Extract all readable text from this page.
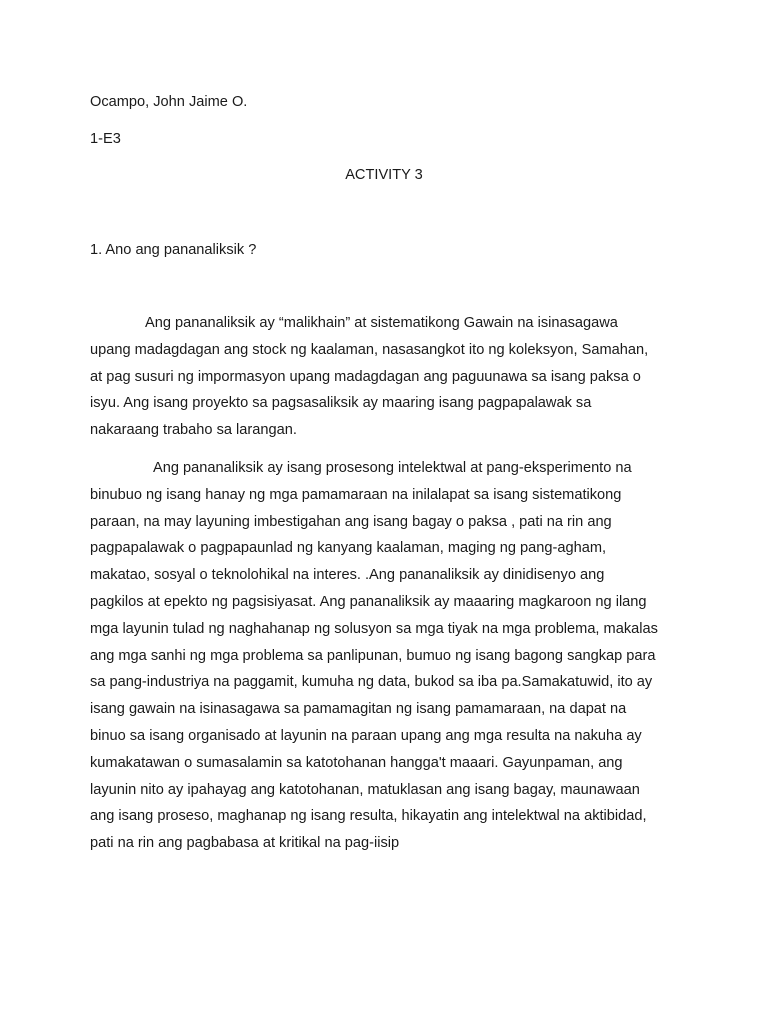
Ocampo, John Jaime O.
1-E3
ACTIVITY 3
1. Ano ang pananaliksik ?
Ang pananaliksik ay “malikhain” at sistematikong Gawain na isinasagawa
upang madagdagan ang stock ng kaalaman, nasasangkot ito ng koleksyon, Samahan,
at pag susuri ng impormasyon upang madagdagan ang paguunawa sa isang paksa o
isyu. Ang isang proyekto sa pagsasaliksik ay maaring isang pagpapalawak sa
nakaraang trabaho sa larangan.
Ang pananaliksik ay isang prosesong intelektwal at pang-eksperimento na
binubuo ng isang hanay ng mga pamamaraan na inilalapat sa isang sistematikong
paraan, na may layuning imbestigahan ang isang bagay o paksa , pati na rin ang
pagpapalawak o pagpapaunlad ng kanyang kaalaman, maging ng pang-agham,
makatao, sosyal o teknolohikal na interes. .Ang pananaliksik ay dinidisenyo ang
pagkilos at epekto ng pagsisiyasat. Ang pananaliksik ay maaaring magkaroon ng ilang
mga layunin tulad ng naghahanap ng solusyon sa mga tiyak na mga problema, makalas
ang mga sanhi ng mga problema sa panlipunan, bumuo ng isang bagong sangkap para
sa pang-industriya na paggamit, kumuha ng data, bukod sa iba pa.Samakatuwid, ito ay
isang gawain na isinasagawa sa pamamagitan ng isang pamamaraan, na dapat na
binuo sa isang organisado at layunin na paraan upang ang mga resulta na nakuha ay
kumakatawan o sumasalamin sa katotohanan hangga't maaari. Gayunpaman, ang
layunin nito ay ipahayag ang katotohanan, matuklasan ang isang bagay, maunawaan
ang isang proseso, maghanap ng isang resulta, hikayatin ang intelektwal na aktibidad,
pati na rin ang pagbabasa at kritikal na pag-iisip
